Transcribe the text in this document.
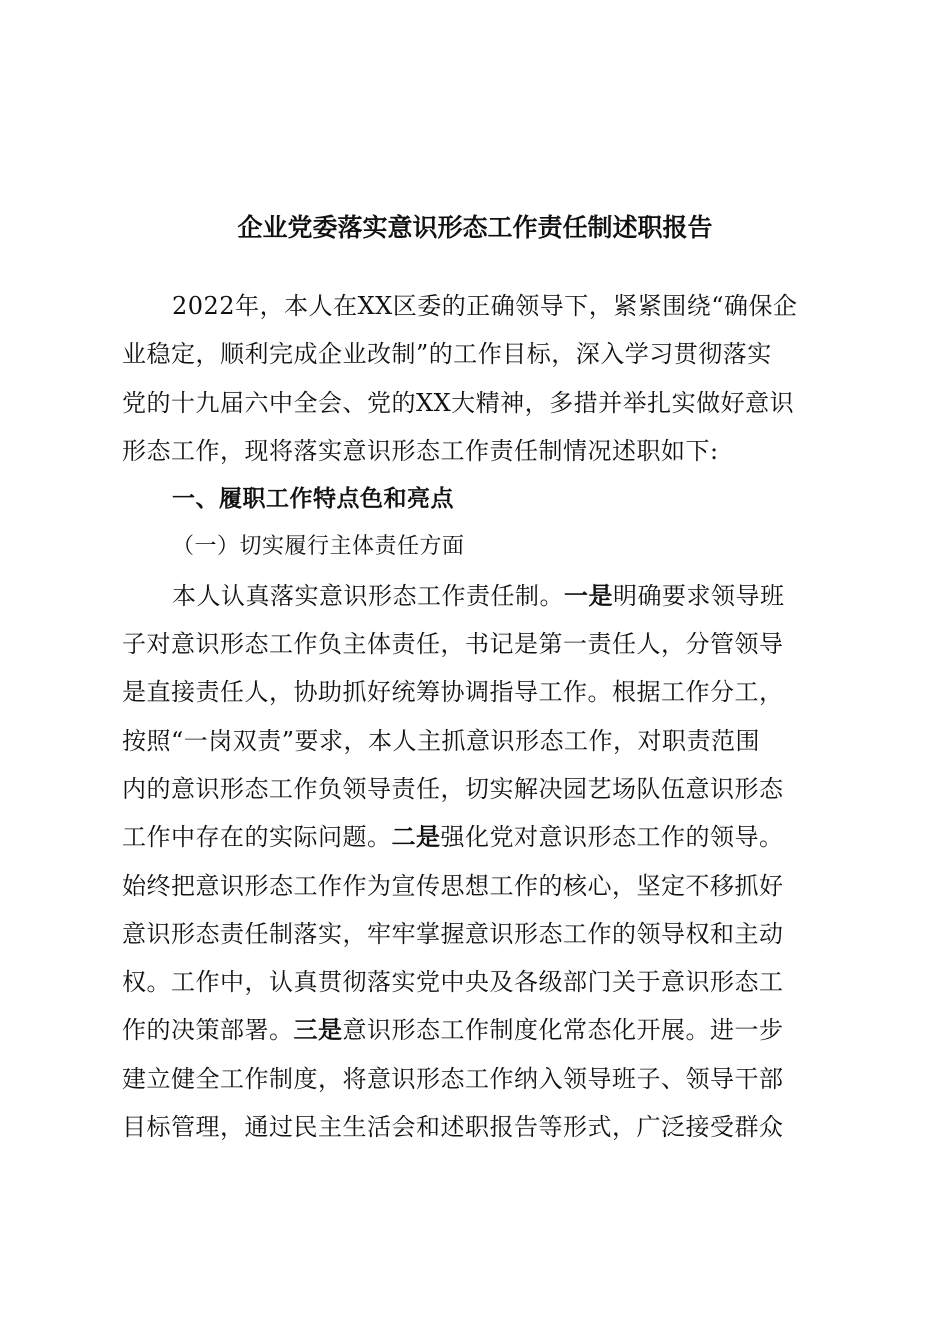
企业党委落实意识形态工作责任制述职报告
2022年，本人在XX区委的正确领导下，紧紧围绕“确保企
业稳定，顺利完成企业改制”的工作目标，深入学习贯彻落实
党的十九届六中全会、党的XX大精神，多措并举扎实做好意识
形态工作，现将落实意识形态工作责任制情况述职如下:

一、履职工作特点色和亮点

（一）切实履行主体责任方面

本人认真落实意识形态工作责任制。一是明确要求领导班
子对意识形态工作负主体责任，书记是第一责任人，分管领导
是直接责任人，协助抓好统筹协调指导工作。根据工作分工，
按照“一岗双责”要求，本人主抓意识形态工作，对职责范围
内的意识形态工作负领导责任，切实解决园艺场队伍意识形态
工作中存在的实际问题。二是强化党对意识形态工作的领导。
始终把意识形态工作作为宣传思想工作的核心，坚定不移抓好
意识形态责任制落实，牢牢掌握意识形态工作的领导权和主动
权。工作中，认真贯彻落实党中央及各级部门关于意识形态工
作的决策部署。三是意识形态工作制度化常态化开展。进一步
建立健全工作制度，将意识形态工作纳入领导班子、领导干部
目标管理，通过民主生活会和述职报告等形式，广泛接受群众
